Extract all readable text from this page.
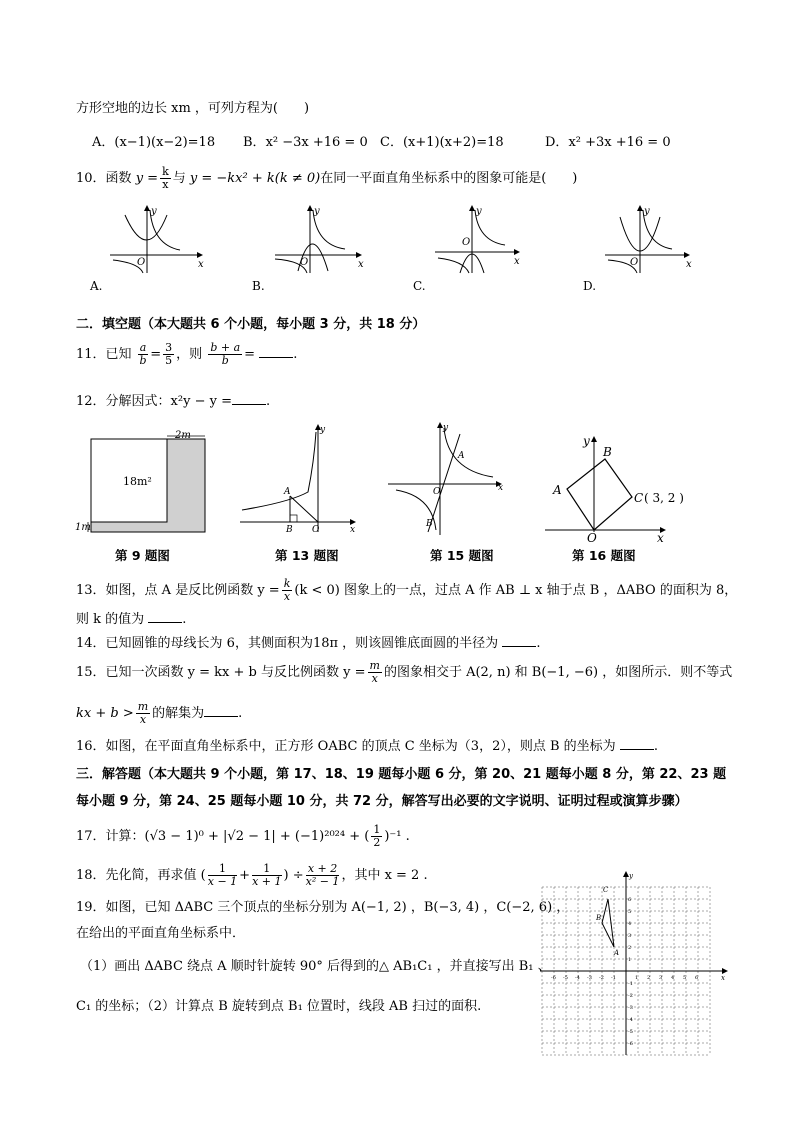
方形空地的边长 xm ，可列方程为(　　)
A．(x−1)(x−2)=18 B．x² −3x +16 = 0 C．(x+1)(x+2)=18	D．x² +3x +16 = 0
10．函数 $y = \frac{k}{x}$ 与 y = −kx² + k(k ≠ 0)在同一平面直角坐标系中的图象可能是(　　)
y
x
O
A.
y
x
O
B.
y
x
O
C.
y
x
O
D.
二．填空题（本大题共 6 个小题，每小题 3 分，共 18 分）
11．已知 $\frac{a}{b} = \frac{3}{5}$ ，则 $\frac{b + a}{b}$ =	.
12．分解因式：x²y − y =	.
2m
18m²
1m
第 9 题图
y
x
A
B O
第 13 题图
y
x
O
A
B
第 15 题图
y
x
O
B
A
C ( 3, 2 )
第 16 题图
13．如图，点 A 是反比例函数 $y = \frac{k}{x} (k < 0)$ 图象上的一点，过点 A 作 AB ⊥ x 轴于点 B ，ΔABO 的面积为 8，
则 k 的值为	.
14．已知圆锥的母线长为 6，其侧面积为18π ，则该圆锥底面圆的半径为	.
15．已知一次函数 y = kx + b 与反比例函数 $y = \frac{m}{x}$ 的图象相交于 A(2, n) 和 B(−1, −6) ，如图所示．则不等式
kx + $b > \frac{m}{x}$ 的解集为	.
16．如图，在平面直角坐标系中，正方形 OABC 的顶点 C 坐标为（3，2），则点 B 的坐标为	.
三．解答题（本大题共 9 个小题，第 17、18、19 题每小题 6 分，第 20、21 题每小题 8 分，第 22、23 题
每小题 9 分，第 24、25 题每小题 10 分，共 72 分，解答写出必要的文字说明、证明过程或演算步骤）
17．计算：(√3 − 1)⁰ + |√2 − 1| + (−1)²⁰²⁴ + ( $\frac{1}{2} )^{-1}$ .
18．先化简，再求值 ( $\frac{1}{x - 1} + \frac{1}{x + 1}$ ) ÷ $\frac{x + 2}{\text{x² − 1}}$ ，其中 x = 2 .
19．如图，已知 ΔABC 三个顶点的坐标分别为 A(−1, 2) ，B(−3, 4) ，C(−2, 6) ，
在给出的平面直角坐标系中．
（1）画出 ΔABC 绕点 A 顺时针旋转 90° 后得到的△ AB₁C₁ ，并直接写出 B₁ 、
C₁ 的坐标；（2）计算点 B 旋转到点 B₁ 位置时，线段 AB 扫过的面积.
y
x
A
B
C
-6
-6
-5
-5
-4
-4
-3
-3
-2
-2
-1
-1
1
1
2
2
3
3
4
4
5
5
6
6
